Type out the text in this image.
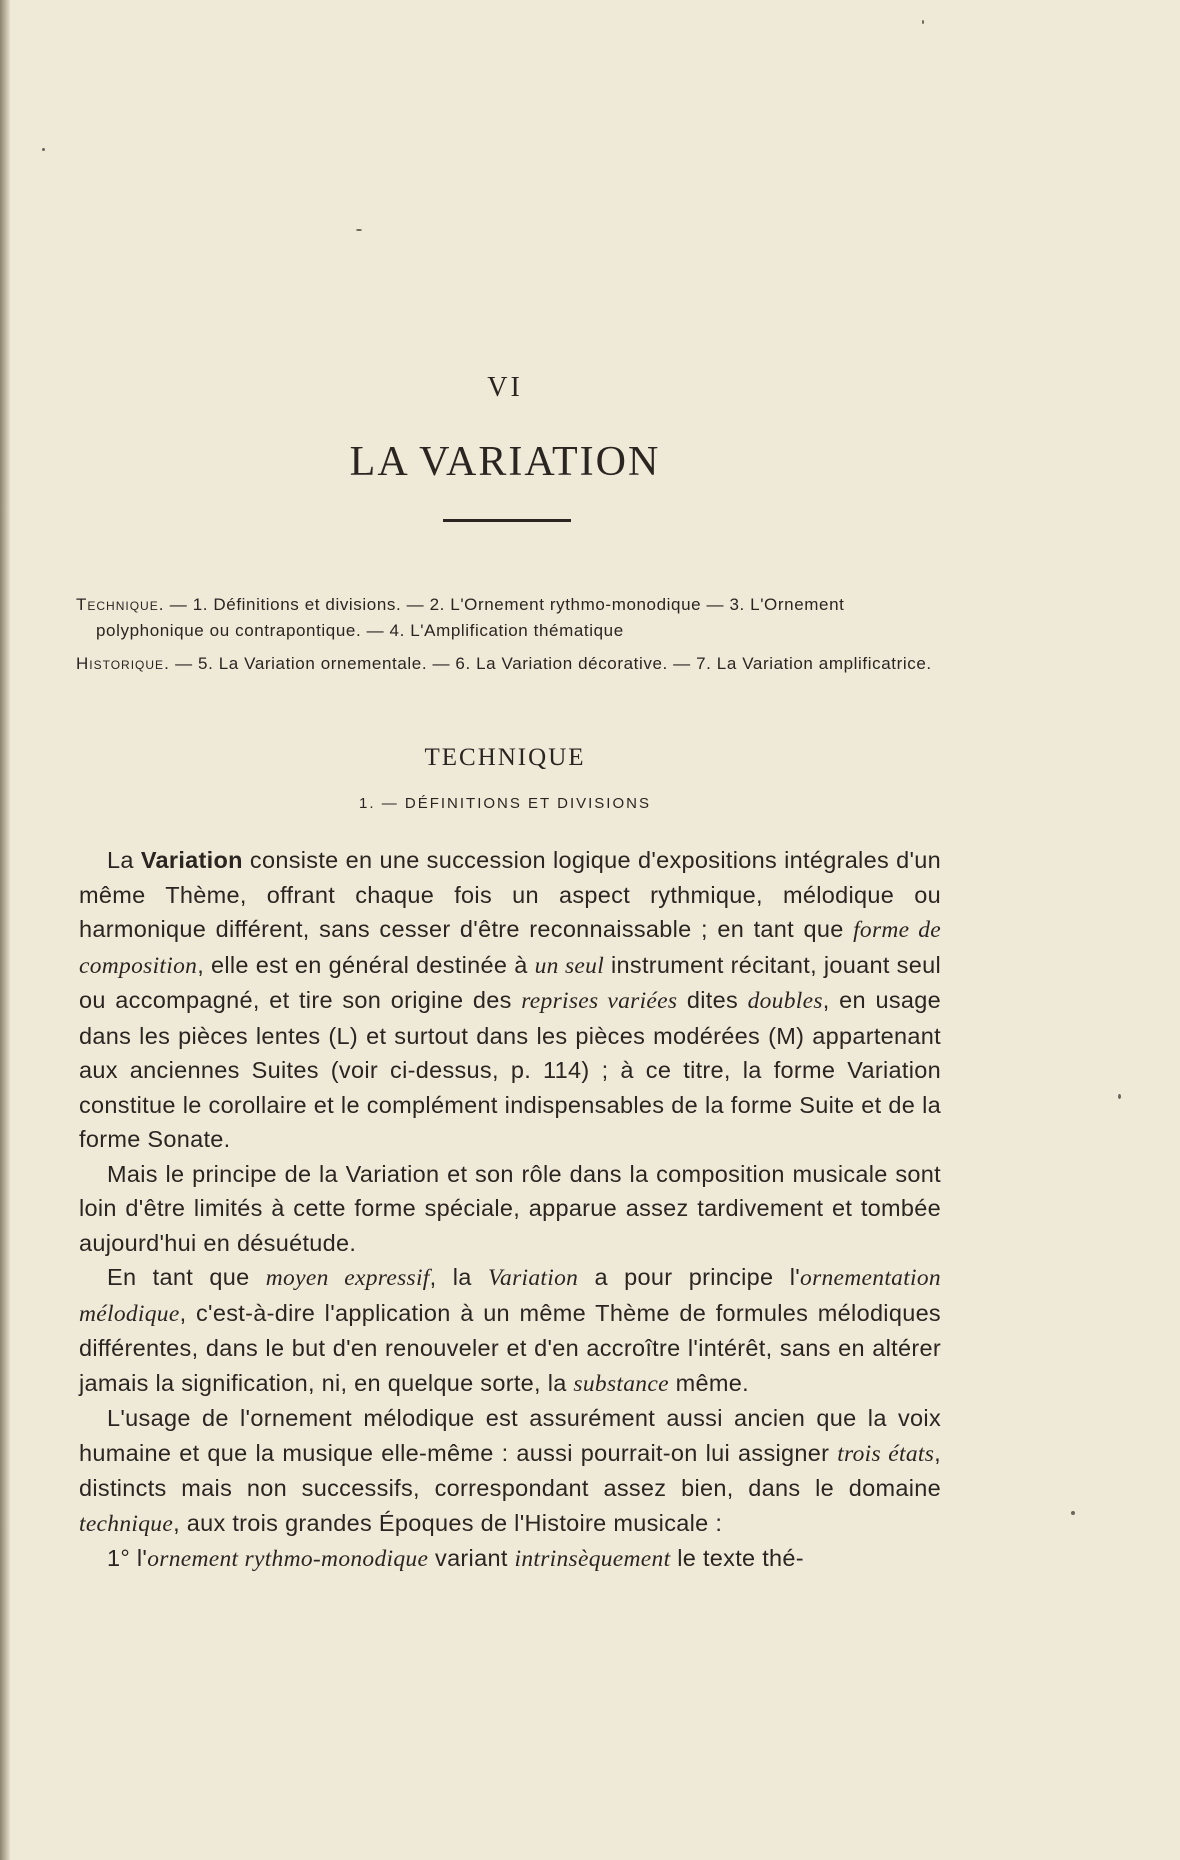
VI
LA VARIATION

Technique. — 1. Définitions et divisions. — 2. L'Ornement rythmo-monodique — 3. L'Ornement polyphonique ou contrapontique. — 4. L'Amplification thématique

Historique. — 5. La Variation ornementale. — 6. La Variation décorative. — 7. La Variation amplificatrice.

TECHNIQUE
1. — DÉFINITIONS ET DIVISIONS

La Variation consiste en une succession logique d'expositions intégrales d'un même Thème, offrant chaque fois un aspect rythmique, mélodique ou harmonique différent, sans cesser d'être reconnaissable ; en tant que forme de composition, elle est en général destinée à un seul instrument récitant, jouant seul ou accompagné, et tire son origine des reprises variées dites doubles, en usage dans les pièces lentes (L) et surtout dans les pièces modérées (M) appartenant aux anciennes Suites (voir ci-dessus, p. 114) ; à ce titre, la forme Variation constitue le corollaire et le complément indispensables de la forme Suite et de la forme Sonate.

Mais le principe de la Variation et son rôle dans la composition musicale sont loin d'être limités à cette forme spéciale, apparue assez tardivement et tombée aujourd'hui en désuétude.

En tant que moyen expressif, la Variation a pour principe l'ornementation mélodique, c'est-à-dire l'application à un même Thème de formules mélodiques différentes, dans le but d'en renouveler et d'en accroître l'intérêt, sans en altérer jamais la signification, ni, en quelque sorte, la substance même.

L'usage de l'ornement mélodique est assurément aussi ancien que la voix humaine et que la musique elle-même : aussi pourrait-on lui assigner trois états, distincts mais non successifs, correspondant assez bien, dans le domaine technique, aux trois grandes Époques de l'Histoire musicale :

1° l'ornement rythmo-monodique variant intrinsèquement le texte thé-
